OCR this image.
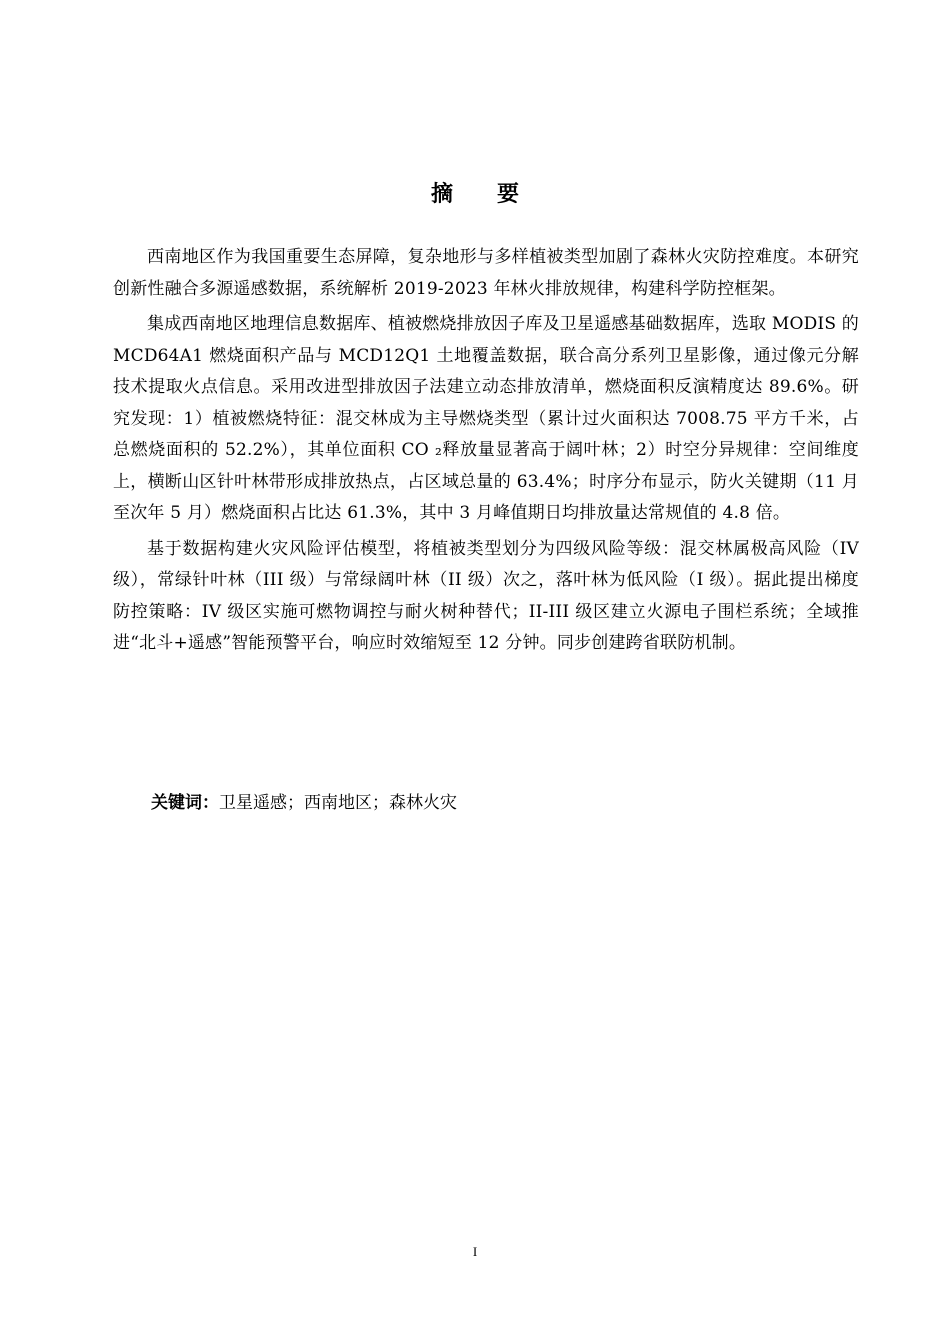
摘 要

西南地区作为我国重要生态屏障，复杂地形与多样植被类型加剧了森林火灾防控难度。本研究创新性融合多源遥感数据，系统解析 2019-2023 年林火排放规律，构建科学防控框架。

集成西南地区地理信息数据库、植被燃烧排放因子库及卫星遥感基础数据库，选取 MODIS 的 MCD64A1 燃烧面积产品与 MCD12Q1 土地覆盖数据，联合高分系列卫星影像，通过像元分解技术提取火点信息。采用改进型排放因子法建立动态排放清单，燃烧面积反演精度达 89.6%。研究发现：1）植被燃烧特征：混交林成为主导燃烧类型（累计过火面积达 7008.75 平方千米，占总燃烧面积的 52.2%），其单位面积 CO ₂释放量显著高于阔叶林；2）时空分异规律：空间维度上，横断山区针叶林带形成排放热点，占区域总量的 63.4%；时序分布显示，防火关键期（11 月至次年 5 月）燃烧面积占比达 61.3%，其中 3 月峰值期日均排放量达常规值的 4.8 倍。

基于数据构建火灾风险评估模型，将植被类型划分为四级风险等级：混交林属极高风险（IV 级），常绿针叶林（III 级）与常绿阔叶林（II 级）次之，落叶林为低风险（I 级）。据此提出梯度防控策略：IV 级区实施可燃物调控与耐火树种替代；II-III 级区建立火源电子围栏系统；全域推进“北斗+遥感”智能预警平台，响应时效缩短至 12 分钟。同步创建跨省联防机制。

关键词：卫星遥感；西南地区；森林火灾
I
